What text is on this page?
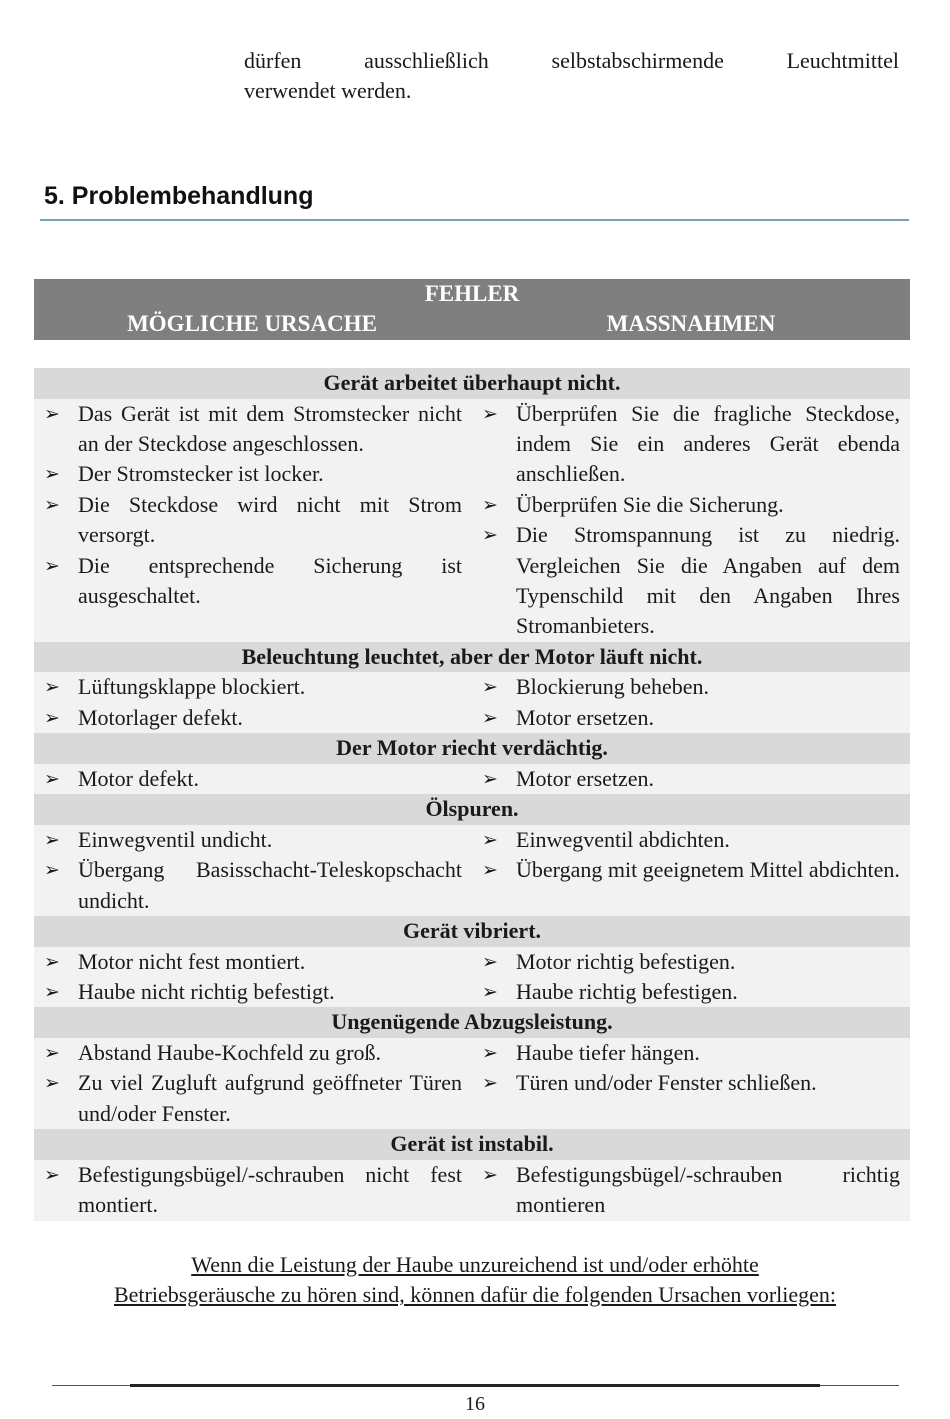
dürfen ausschließlich selbstabschirmende Leuchtmittel
verwendet werden.
5. Problembehandlung
FEHLER
MÖGLICHE URSACHE	MASSNAHMEN
Gerät arbeitet überhaupt nicht.
➢ Das Gerät ist mit dem Stromstecker nicht an der Steckdose angeschlossen.
➢ Der Stromstecker ist locker.
➢ Die Steckdose wird nicht mit Strom versorgt.
➢ Die entsprechende Sicherung ist ausgeschaltet.
➢ Überprüfen Sie die fragliche Steckdose, indem Sie ein anderes Gerät ebenda anschließen.
➢ Überprüfen Sie die Sicherung.
➢ Die Stromspannung ist zu niedrig. Vergleichen Sie die Angaben auf dem Typenschild mit den Angaben Ihres Stromanbieters.
Beleuchtung leuchtet, aber der Motor läuft nicht.
➢ Lüftungsklappe blockiert.
➢ Motorlager defekt.
➢ Blockierung beheben.
➢ Motor ersetzen.
Der Motor riecht verdächtig.
➢ Motor defekt.	➢ Motor ersetzen.
Ölspuren.
➢ Einwegventil undicht.
➢ Übergang Basisschacht-Teleskopschacht undicht.
➢ Einwegventil abdichten.
➢ Übergang mit geeignetem Mittel abdichten.
Gerät vibriert.
➢ Motor nicht fest montiert.
➢ Haube nicht richtig befestigt.
➢ Motor richtig befestigen.
➢ Haube richtig befestigen.
Ungenügende Abzugsleistung.
➢ Abstand Haube-Kochfeld zu groß.
➢ Zu viel Zugluft aufgrund geöffneter Türen und/oder Fenster.
➢ Haube tiefer hängen.
➢ Türen und/oder Fenster schließen.
Gerät ist instabil.
➢ Befestigungsbügel/-schrauben nicht fest montiert.
➢ Befestigungsbügel/-schrauben richtig montieren
Wenn die Leistung der Haube unzureichend ist und/oder erhöhte
Betriebsgeräusche zu hören sind, können dafür die folgenden Ursachen vorliegen:
16
